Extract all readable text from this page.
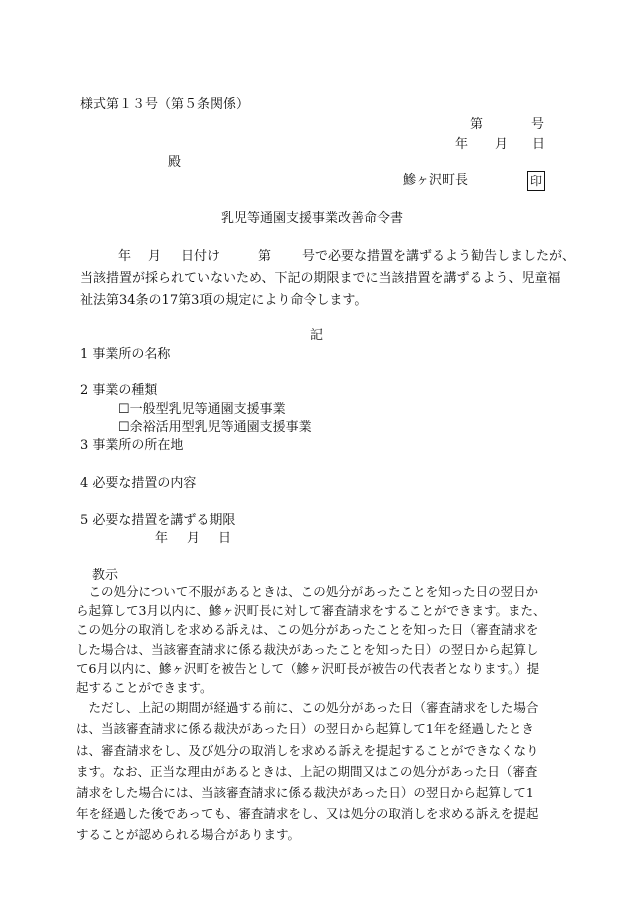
様式第１３号（第５条関係）
第	号
年 月 日
殿
鰺ヶ沢町長	印
乳児等通園支援事業改善命令書
年 月 日付け	第 号で必要な措置を講ずるよう勧告しましたが、
当該措置が採られていないため、下記の期限までに当該措置を講ずるよう、児童福
祉法第34条の17第3項の規定により命令します。
記
1 事業所の名称
2 事業の種類
☐一般型乳児等通園支援事業
☐余裕活用型乳児等通園支援事業
3 事業所の所在地
4 必要な措置の内容
5 必要な措置を講ずる期限
年 月 日
教示
　この処分について不服があるときは、この処分があったことを知った日の翌日か
ら起算して3月以内に、鰺ヶ沢町長に対して審査請求をすることができます。また、
この処分の取消しを求める訴えは、この処分があったことを知った日（審査請求を
した場合は、当該審査請求に係る裁決があったことを知った日）の翌日から起算し
て6月以内に、鰺ヶ沢町を被告として（鰺ヶ沢町長が被告の代表者となります。）提
起することができます。
　ただし、上記の期間が経過する前に、この処分があった日（審査請求をした場合
は、当該審査請求に係る裁決があった日）の翌日から起算して1年を経過したとき
は、審査請求をし、及び処分の取消しを求める訴えを提起することができなくなり
ます。なお、正当な理由があるときは、上記の期間又はこの処分があった日（審査
請求をした場合には、当該審査請求に係る裁決があった日）の翌日から起算して1
年を経過した後であっても、審査請求をし、又は処分の取消しを求める訴えを提起
することが認められる場合があります。
